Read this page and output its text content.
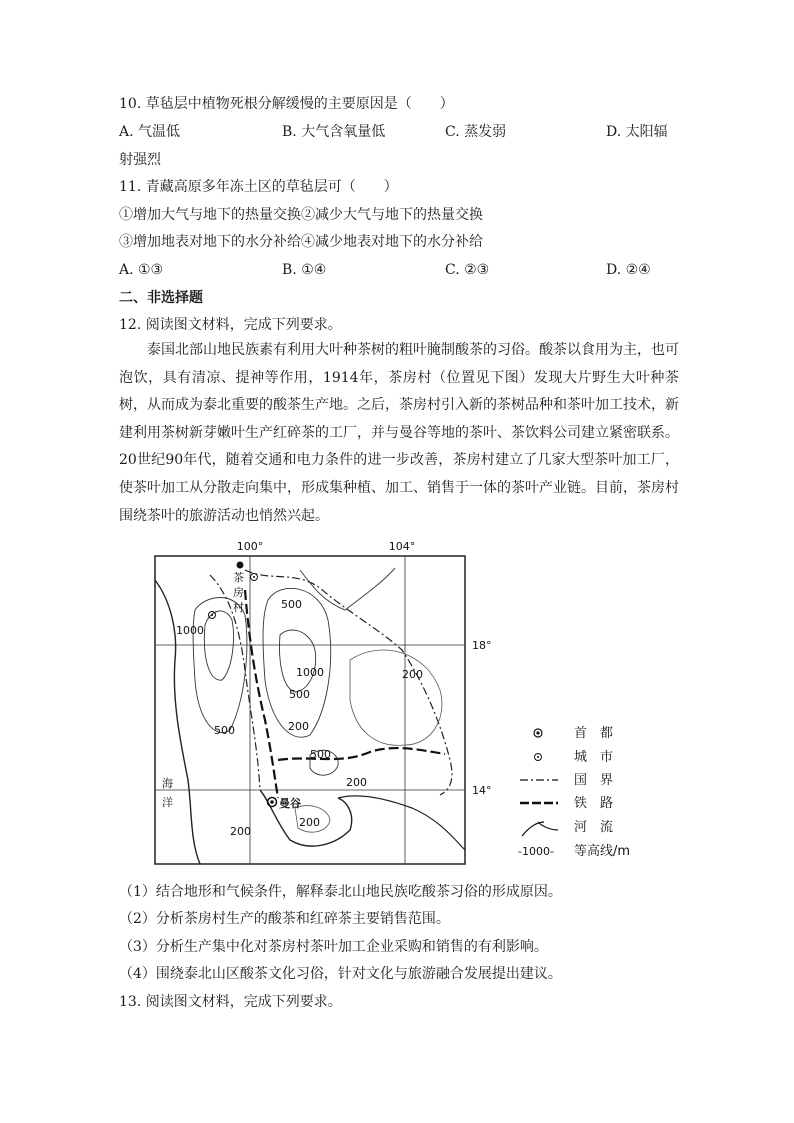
10. 草毡层中植物死根分解缓慢的主要原因是（　　）
A. 气温低	B. 大气含氧量低	C. 蒸发弱	D. 太阳辐
射强烈
11. 青藏高原多年冻土区的草毡层可（　　）
①增加大气与地下的热量交换②减少大气与地下的热量交换
③增加地表对地下的水分补给④减少地表对地下的水分补给
A. ①③	B. ①④	C. ②③	D. ②④
二、非选择题
12. 阅读图文材料，完成下列要求。
泰国北部山地民族素有利用大叶种茶树的粗叶腌制酸茶的习俗。酸茶以食用为主，也可泡饮，具有清凉、提神等作用，1914年，茶房村（位置见下图）发现大片野生大叶种茶树，从而成为泰北重要的酸茶生产地。之后，茶房村引入新的茶树品种和茶叶加工技术，新建利用茶树新芽嫩叶生产红碎茶的工厂，并与曼谷等地的茶叶、茶饮料公司建立紧密联系。20世纪90年代，随着交通和电力条件的进一步改善，茶房村建立了几家大型茶叶加工厂，使茶叶加工从分散走向集中，形成集种植、加工、销售于一体的茶叶产业链。目前，茶房村围绕茶叶的旅游活动也悄然兴起。
100°	104°
18°
14°
500
1000
1000
500
200
500	200
500
200
200
200
茶
房
村
曼谷
海
洋
首　都
城　市
国　界
铁　路
河　流
-1000- 等高线/m
（1）结合地形和气候条件，解释泰北山地民族吃酸茶习俗的形成原因。
（2）分析茶房村生产的酸茶和红碎茶主要销售范围。
（3）分析生产集中化对茶房村茶叶加工企业采购和销售的有利影响。
（4）围绕泰北山区酸茶文化习俗，针对文化与旅游融合发展提出建议。
13. 阅读图文材料，完成下列要求。
